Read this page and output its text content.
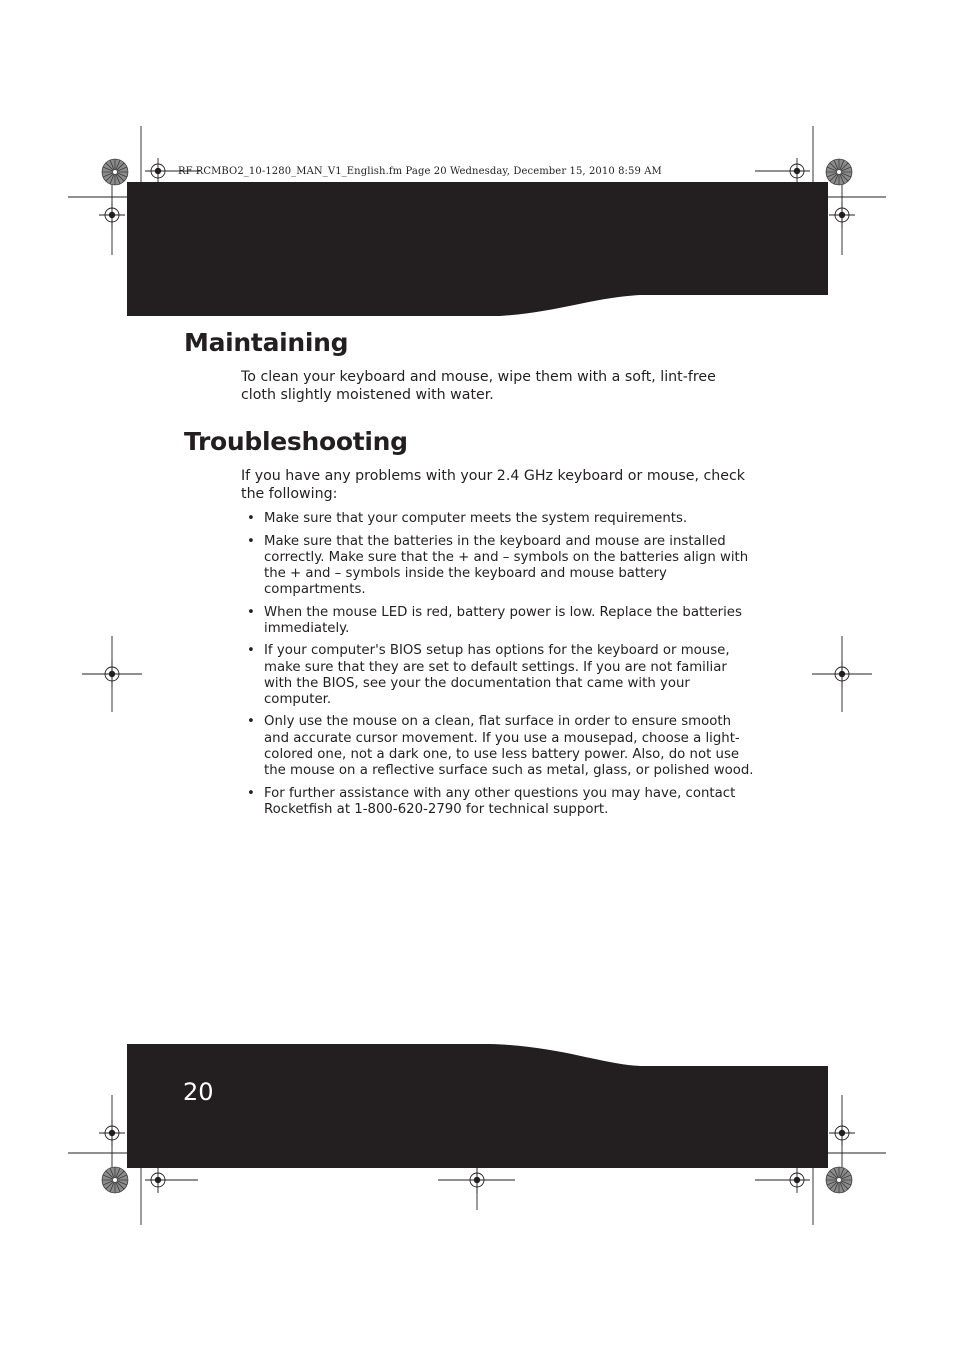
RF-RCMBO2_10-1280_MAN_V1_English.fm Page 20 Wednesday, December 15, 2010 8:59 AM
Maintaining

To clean your keyboard and mouse, wipe them with a soft, lint-free cloth slightly moistened with water.

Troubleshooting

If you have any problems with your 2.4 GHz keyboard or mouse, check the following:

• Make sure that your computer meets the system requirements.
• Make sure that the batteries in the keyboard and mouse are installed correctly. Make sure that the + and – symbols on the batteries align with the + and – symbols inside the keyboard and mouse battery compartments.
• When the mouse LED is red, battery power is low. Replace the batteries immediately.
• If your computer's BIOS setup has options for the keyboard or mouse, make sure that they are set to default settings. If you are not familiar with the BIOS, see your the documentation that came with your computer.
• Only use the mouse on a clean, flat surface in order to ensure smooth and accurate cursor movement. If you use a mousepad, choose a light-colored one, not a dark one, to use less battery power. Also, do not use the mouse on a reflective surface such as metal, glass, or polished wood.
• For further assistance with any other questions you may have, contact Rocketfish at 1-800-620-2790 for technical support.
20
